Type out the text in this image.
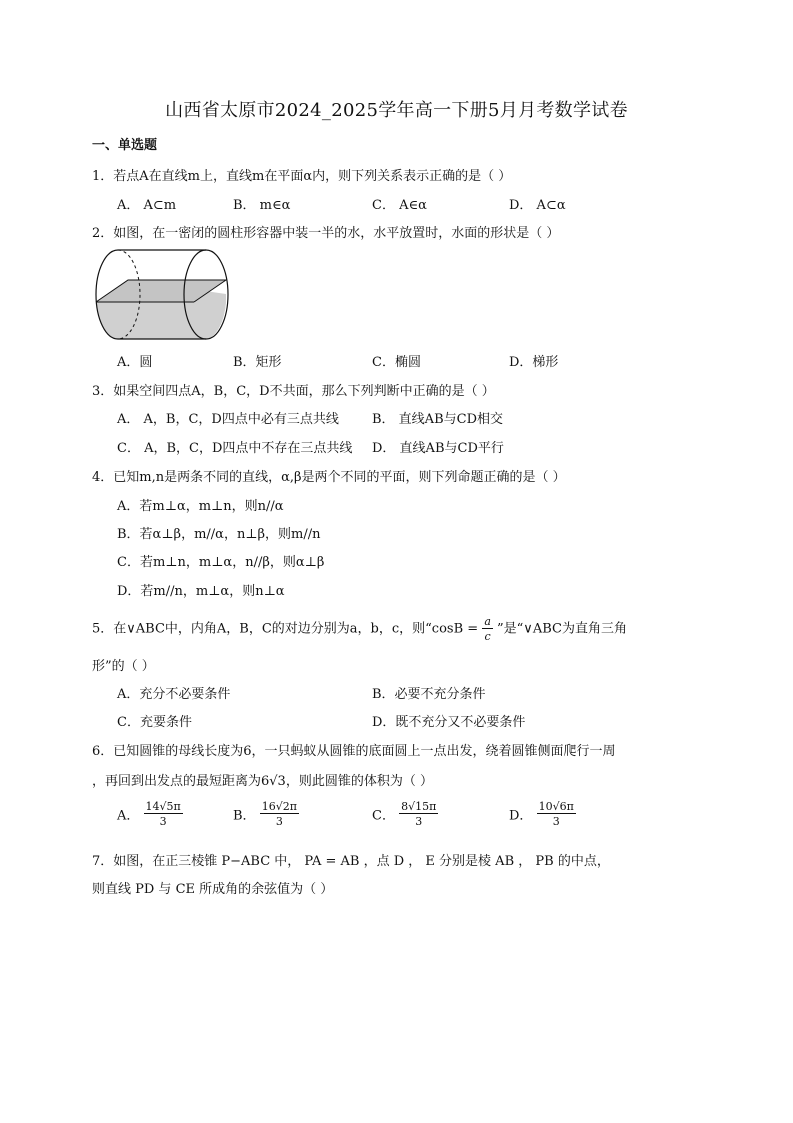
山西省太原市2024_2025学年高一下册5月月考数学试卷
一、单选题
1．若点A在直线m上，直线m在平面α内，则下列关系表示正确的是（ ）
A． A⊂m	B． m∈α	C． A∈α	D． A⊂α
2．如图，在一密闭的圆柱形容器中装一半的水，水平放置时，水面的形状是（ ）
A．圆	B．矩形	C．椭圆	D．梯形
3．如果空间四点A，B，C，D不共面，那么下列判断中正确的是（ ）
A． A，B，C，D四点中必有三点共线	B． 直线AB与CD相交
C． A，B，C，D四点中不存在三点共线 D． 直线AB与CD平行
4．已知m,n是两条不同的直线，α,β是两个不同的平面，则下列命题正确的是（ ）
A．若m⊥α，m⊥n，则n//α
B．若α⊥β，m//α，n⊥β，则m//n
C．若m⊥n，m⊥α，n//β，则α⊥β
D．若m//n，m⊥α，则n⊥α
5．在∨ABC中，内角A，B，C的对边分别为a，b，c，则“$\cos B = \frac{a}{c}$ ”是“∨ABC为直角三角
形”的（ ）
A．充分不必要条件	B．必要不充分条件
C．充要条件	D．既不充分又不必要条件
6．已知圆锥的母线长度为6，一只蚂蚁从圆锥的底面圆上一点出发，绕着圆锥侧面爬行一周
，再回到出发点的最短距离为6√3，则此圆锥的体积为（ ）
A． $\frac{14√5\pi}{3}$	B． $\frac{16√2\pi}{3}$	C． $\frac{8√15\pi}{3}$	D． $\frac{10√6\pi}{3}$
7．如图，在正三棱锥 P−ABC 中， PA = AB ，点 D ， E 分别是棱 AB ， PB 的中点，
则直线 PD 与 CE 所成角的余弦值为（ ）
